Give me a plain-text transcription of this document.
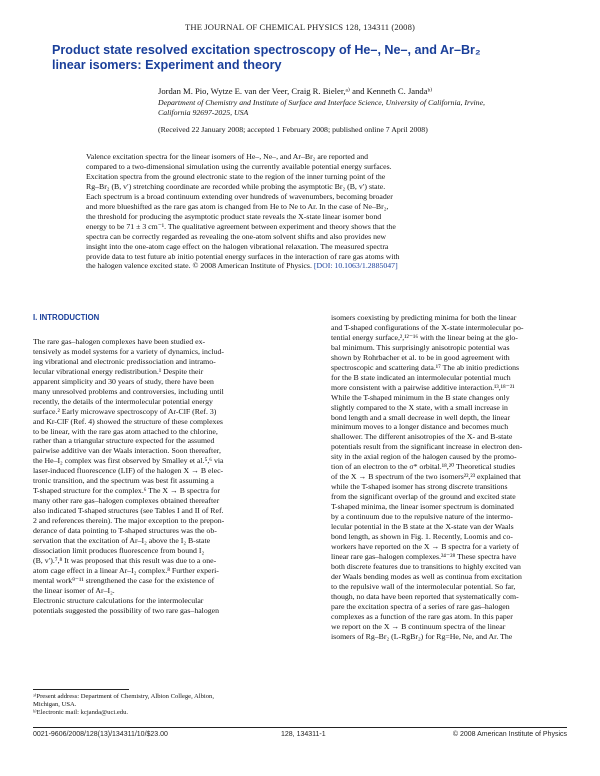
THE JOURNAL OF CHEMICAL PHYSICS 128, 134311 (2008)
Product state resolved excitation spectroscopy of He–, Ne–, and Ar–Br₂
linear isomers: Experiment and theory
Jordan M. Pio, Wytze E. van der Veer, Craig R. Bieler,ᵃ⁾ and Kenneth C. Jandaᵇ⁾
Department of Chemistry and Institute of Surface and Interface Science, University of California, Irvine,
California 92697-2025, USA
(Received 22 January 2008; accepted 1 February 2008; published online 7 April 2008)
Valence excitation spectra for the linear isomers of He–, Ne–, and Ar–Br₂ are reported and
compared to a two-dimensional simulation using the currently available potential energy surfaces.
Excitation spectra from the ground electronic state to the region of the inner turning point of the
Rg–Br₂ (B, v′) stretching coordinate are recorded while probing the asymptotic Br₂ (B, v′) state.
Each spectrum is a broad continuum extending over hundreds of wavenumbers, becoming broader
and more blueshifted as the rare gas atom is changed from He to Ne to Ar. In the case of Ne–Br₂,
the threshold for producing the asymptotic product state reveals the X-state linear isomer bond
energy to be 71 ± 3 cm⁻¹. The qualitative agreement between experiment and theory shows that the
spectra can be correctly regarded as revealing the one-atom solvent shifts and also provides new
insight into the one-atom cage effect on the halogen vibrational relaxation. The measured spectra
provide data to test future ab initio potential energy surfaces in the interaction of rare gas atoms with
the halogen valence excited state. © 2008 American Institute of Physics. [DOI: 10.1063/1.2885047]
I. INTRODUCTION
The rare gas–halogen complexes have been studied ex-
tensively as model systems for a variety of dynamics, includ-
ing vibrational and electronic predissociation and intramo-
lecular vibrational energy redistribution.¹ Despite their
apparent simplicity and 30 years of study, there have been
many unresolved problems and controversies, including until
recently, the details of the intermolecular potential energy
surface.² Early microwave spectroscopy of Ar-ClF (Ref. 3)
and Kr-ClF (Ref. 4) showed the structure of these complexes
to be linear, with the rare gas atom attached to the chlorine,
rather than a triangular structure expected for the assumed
pairwise additive van der Waals interaction. Soon thereafter,
the He–I₂ complex was first observed by Smalley et al.⁵,⁶ via
laser-induced fluorescence (LIF) of the halogen X → B elec-
tronic transition, and the spectrum was best fit assuming a
T-shaped structure for the complex.⁶ The X → B spectra for
many other rare gas–halogen complexes obtained thereafter
also indicated T-shaped structures (see Tables I and II of Ref.
2 and references therein). The major exception to the prepon-
derance of data pointing to T-shaped structures was the ob-
servation that the excitation of Ar–I₂ above the I₂ B-state
dissociation limit produces fluorescence from bound I₂
(B, v′).⁷,⁸ It was proposed that this result was due to a one-
atom cage effect in a linear Ar–I₂ complex.⁸ Further experi-
mental work⁹⁻¹¹ strengthened the case for the existence of
the linear isomer of Ar–I₂.
Electronic structure calculations for the intermolecular
potentials suggested the possibility of two rare gas–halogen
isomers coexisting by predicting minima for both the linear
and T-shaped configurations of the X-state intermolecular po-
tential energy surface,²,¹²⁻¹⁶ with the linear being at the glo-
bal minimum. This surprisingly anisotropic potential was
shown by Rohrbacher et al. to be in good agreement with
spectroscopic and scattering data.¹⁷ The ab initio predictions
for the B state indicated an intermolecular potential much
more consistent with a pairwise additive interaction.¹³,¹⁸⁻²¹
While the T-shaped minimum in the B state changes only
slightly compared to the X state, with a small increase in
bond length and a small decrease in well depth, the linear
minimum moves to a longer distance and becomes much
shallower. The different anisotropies of the X- and B-state
potentials result from the significant increase in electron den-
sity in the axial region of the halogen caused by the promo-
tion of an electron to the σ* orbital.¹⁸,²⁰ Theoretical studies
of the X → B spectrum of the two isomers²²,²³ explained that
while the T-shaped isomer has strong discrete transitions
from the significant overlap of the ground and excited state
T-shaped minima, the linear isomer spectrum is dominated
by a continuum due to the repulsive nature of the intermo-
lecular potential in the B state at the X-state van der Waals
bond length, as shown in Fig. 1. Recently, Loomis and co-
workers have reported on the X → B spectra for a variety of
linear rare gas–halogen complexes.²⁴⁻²⁸ These spectra have
both discrete features due to transitions to highly excited van
der Waals bending modes as well as continua from excitation
to the repulsive wall of the intermolecular potential. So far,
though, no data have been reported that systematically com-
pare the excitation spectra of a series of rare gas–halogen
complexes as a function of the rare gas atom. In this paper
we report on the X → B continuum spectra of the linear
isomers of Rg–Br₂ (L-RgBr₂) for Rg=He, Ne, and Ar. The
ᵃ⁾Present address: Department of Chemistry, Albion College, Albion,
Michigan, USA.
ᵇ⁾Electronic mail: kcjanda@uci.edu.
0021-9606/2008/128(13)/134311/10/$23.00	128, 134311-1	© 2008 American Institute of Physics
